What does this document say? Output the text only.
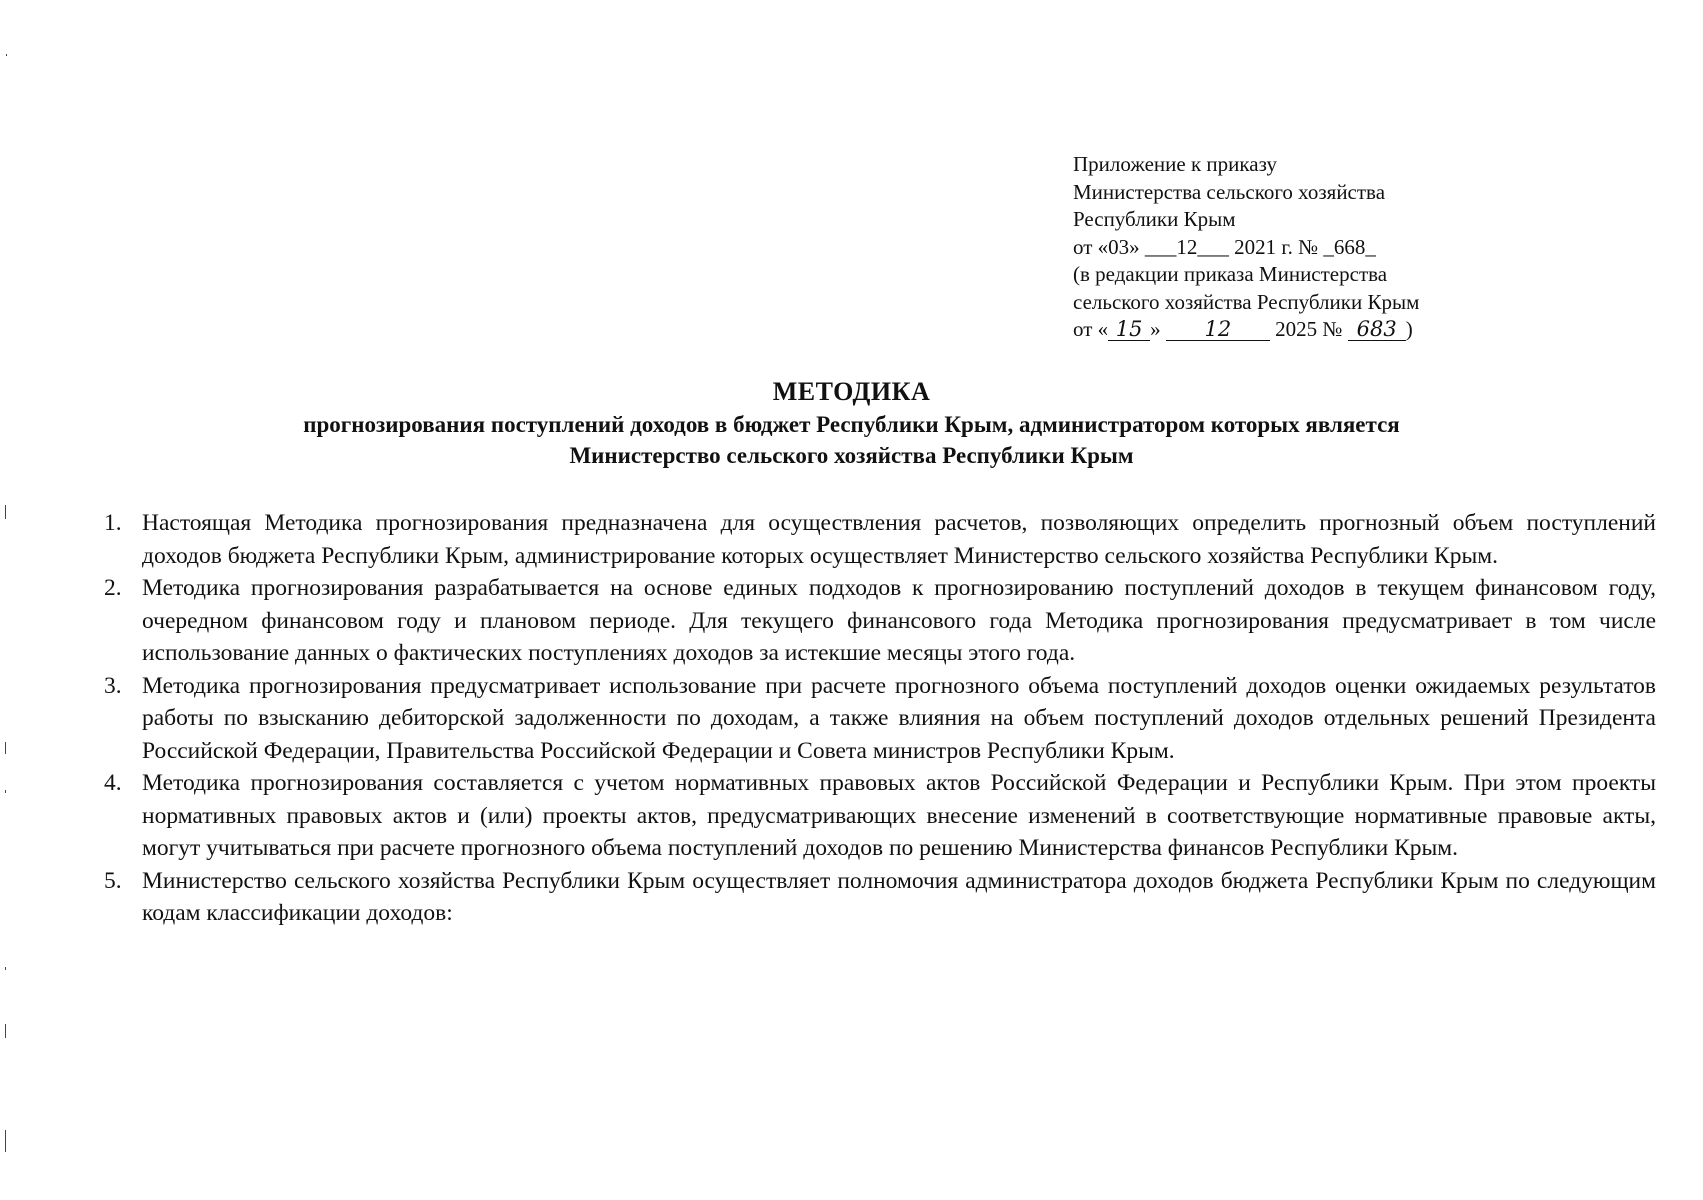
Приложение к приказу
Министерства сельского хозяйства
Республики Крым
от «03» ___12___ 2021 г. № _668_
(в редакции приказа Министерства
сельского хозяйства Республики Крым
от « 15 » 12 2025 № 683 )
МЕТОДИКА
прогнозирования поступлений доходов в бюджет Республики Крым, администратором которых является
Министерство сельского хозяйства Республики Крым
1. Настоящая Методика прогнозирования предназначена для осуществления расчетов, позволяющих определить прогнозный объем поступлений доходов бюджета Республики Крым, администрирование которых осуществляет Министерство сельского хозяйства Республики Крым.
2. Методика прогнозирования разрабатывается на основе единых подходов к прогнозированию поступлений доходов в текущем финансовом году, очередном финансовом году и плановом периоде. Для текущего финансового года Методика прогнозирования предусматривает в том числе использование данных о фактических поступлениях доходов за истекшие месяцы этого года.
3. Методика прогнозирования предусматривает использование при расчете прогнозного объема поступлений доходов оценки ожидаемых результатов работы по взысканию дебиторской задолженности по доходам, а также влияния на объем поступлений доходов отдельных решений Президента Российской Федерации, Правительства Российской Федерации и Совета министров Республики Крым.
4. Методика прогнозирования составляется с учетом нормативных правовых актов Российской Федерации и Республики Крым. При этом проекты нормативных правовых актов и (или) проекты актов, предусматривающих внесение изменений в соответствующие нормативные правовые акты, могут учитываться при расчете прогнозного объема поступлений доходов по решению Министерства финансов Республики Крым.
5. Министерство сельского хозяйства Республики Крым осуществляет полномочия администратора доходов бюджета Республики Крым по следующим кодам классификации доходов:
